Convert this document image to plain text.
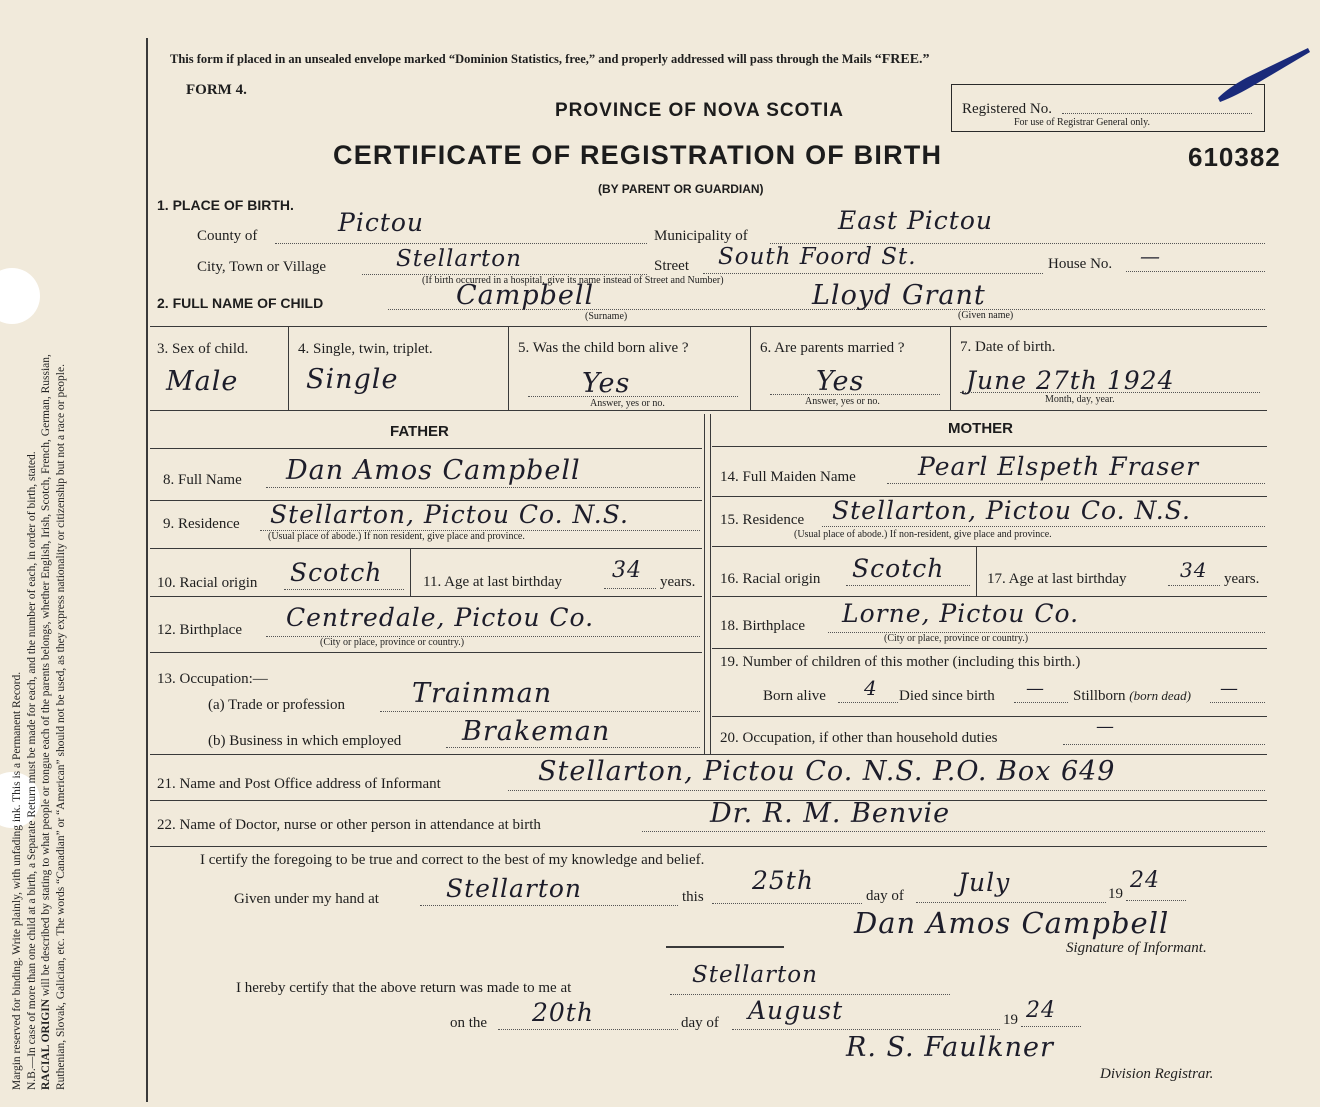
Margin reserved for binding. Write plainly, with unfading ink. This is a Permanent Record. N.B.—In case of more than one child at a birth, a Separate Return must be made for each, and the number of each, in order of birth, stated. RACIAL ORIGIN will be described by stating to what people or tongue each of the parents belongs, whether English, Irish, Scotch, French, German, Russian, Ruthenian, Slovak, Galician, etc. The words “Canadian” or “American” should not be used, as they express nationality or citizenship but not a race or people.
This form if placed in an unsealed envelope marked “Dominion Statistics, free,” and properly addressed will pass through the Mails “FREE.”
FORM 4.
PROVINCE OF NOVA SCOTIA
CERTIFICATE OF REGISTRATION OF BIRTH
(BY PARENT OR GUARDIAN)
Registered No.
For use of Registrar General only.
610382
1. PLACE OF BIRTH.
County of	Pictou	Municipality of
East Pictou
City, Town or Village	Stellarton	Street South Foord St.	House No. —
(If birth occurred in a hospital, give its name instead of Street and Number)
2. FULL NAME OF CHILD	Campbell
(Surname)
Lloyd Grant
(Given name)
3. Sex of child.
Male
4. Single, twin, triplet.
Single
5. Was the child born alive ?
Yes
Answer, yes or no.
6. Are parents married ?
Yes
Answer, yes or no.
7. Date of birth.
June 27th 1924
Month, day, year.
FATHER	MOTHER
8. Full Name Dan Amos Campbell
9. Residence Stellarton, Pictou Co. N.S.
(Usual place of abode.) If non resident, give place and province.
10. Racial origin Scotch	11. Age at last birthday 34 years.
12. Birthplace Centredale, Pictou Co.
(City or place, province or country.)
13. Occupation:—
(a) Trade or profession Trainman
(b) Business in which employed Brakeman
14. Full Maiden Name Pearl Elspeth Fraser
15. Residence Stellarton, Pictou Co. N.S.
(Usual place of abode.) If non-resident, give place and province.
16. Racial origin Scotch	17. Age at last birthday	34 years.
18. Birthplace Lorne, Pictou Co.
(City or place, province or country.)
19. Number of children of this mother (including this birth.)
Born alive 4 Died since birth — Stillborn (born dead) —
20. Occupation, if other than household duties
—
21. Name and Post Office address of Informant	Stellarton, Pictou Co. N.S. P.O. Box 649
22. Name of Doctor, nurse or other person in attendance at birth	Dr. R. M. Benvie
I certify the foregoing to be true and correct to the best of my knowledge and belief.
Given under my hand at	Stellarton	this
25th
day of July	19
24
Dan Amos Campbell
Signature of Informant.
I hereby certify that the above return was made to me at	Stellarton
on the 20th	day of August	19 24
R. S. Faulkner
Division Registrar.
